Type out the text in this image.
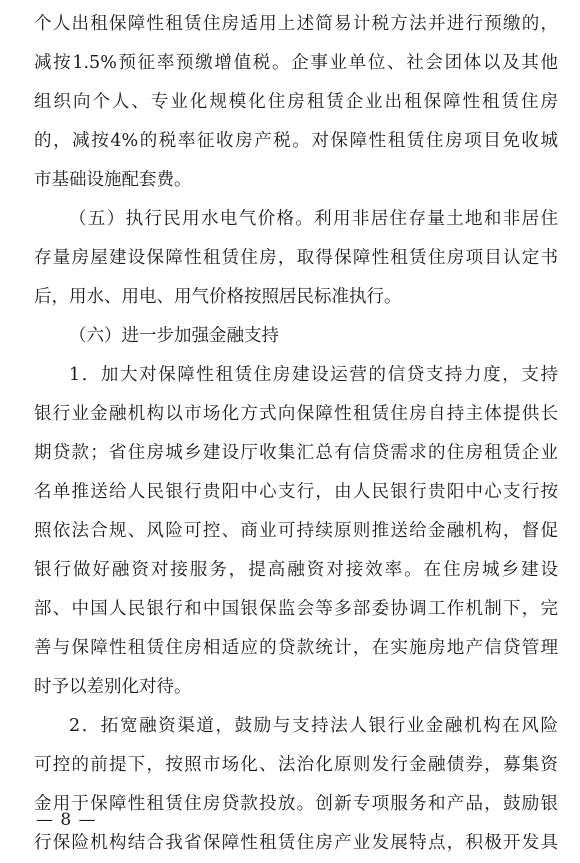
个人出租保障性租赁住房适用上述简易计税方法并进行预缴的，
减按1.5%预征率预缴增值税。企事业单位、社会团体以及其他
组织向个人、专业化规模化住房租赁企业出租保障性租赁住房
的，减按4%的税率征收房产税。对保障性租赁住房项目免收城
市基础设施配套费。
（五）执行民用水电气价格。利用非居住存量土地和非居住
存量房屋建设保障性租赁住房，取得保障性租赁住房项目认定书
后，用水、用电、用气价格按照居民标准执行。
（六）进一步加强金融支持
1．加大对保障性租赁住房建设运营的信贷支持力度，支持
银行业金融机构以市场化方式向保障性租赁住房自持主体提供长
期贷款；省住房城乡建设厅收集汇总有信贷需求的住房租赁企业
名单推送给人民银行贵阳中心支行，由人民银行贵阳中心支行按
照依法合规、风险可控、商业可持续原则推送给金融机构，督促
银行做好融资对接服务，提高融资对接效率。在住房城乡建设
部、中国人民银行和中国银保监会等多部委协调工作机制下，完
善与保障性租赁住房相适应的贷款统计，在实施房地产信贷管理
时予以差别化对待。
2．拓宽融资渠道，鼓励与支持法人银行业金融机构在风险
可控的前提下，按照市场化、法治化原则发行金融债券，募集资
金用于保障性租赁住房贷款投放。创新专项服务和产品，鼓励银
行保险机构结合我省保障性租赁住房产业发展特点，积极开发具
— 8 —
